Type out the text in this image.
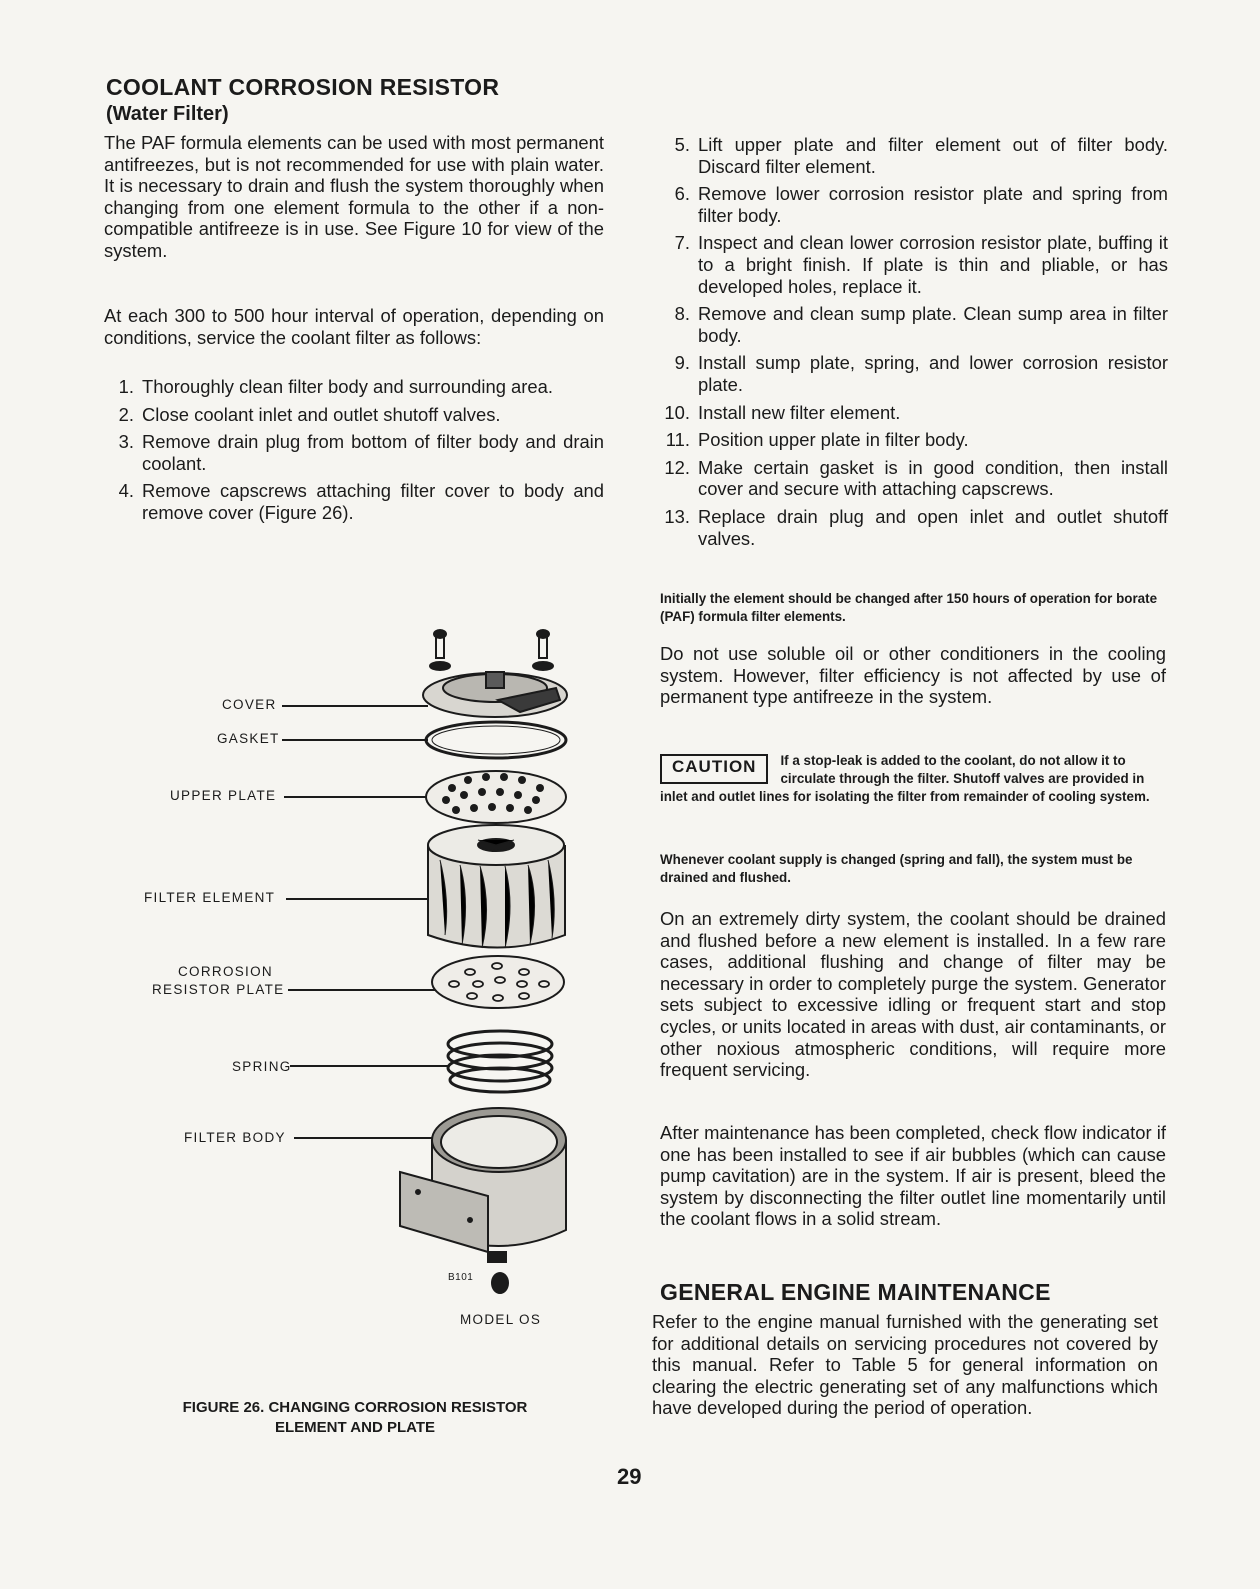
COOLANT CORROSION RESISTOR
(Water Filter)
The PAF formula elements can be used with most permanent antifreezes, but is not recommended for use with plain water. It is necessary to drain and flush the system thoroughly when changing from one element formula to the other if a non-compatible antifreeze is in use. See Figure 10 for view of the system.
At each 300 to 500 hour interval of operation, depending on conditions, service the coolant filter as follows:
1. Thoroughly clean filter body and surrounding area.
2. Close coolant inlet and outlet shutoff valves.
3. Remove drain plug from bottom of filter body and drain coolant.
4. Remove capscrews attaching filter cover to body and remove cover (Figure 26).
COVER
GASKET
UPPER PLATE
FILTER ELEMENT
CORROSION
RESISTOR PLATE
SPRING
FILTER BODY
B101
MODEL OS
FIGURE 26. CHANGING CORROSION RESISTOR
ELEMENT AND PLATE
5. Lift upper plate and filter element out of filter body. Discard filter element.
6. Remove lower corrosion resistor plate and spring from filter body.
7. Inspect and clean lower corrosion resistor plate, buffing it to a bright finish. If plate is thin and pliable, or has developed holes, replace it.
8. Remove and clean sump plate. Clean sump area in filter body.
9. Install sump plate, spring, and lower corrosion resistor plate.
10. Install new filter element.
11. Position upper plate in filter body.
12. Make certain gasket is in good condition, then install cover and secure with attaching capscrews.
13. Replace drain plug and open inlet and outlet shutoff valves.
Initially the element should be changed after 150 hours of operation for borate (PAF) formula filter elements.
Do not use soluble oil or other conditioners in the cooling system. However, filter efficiency is not affected by use of permanent type antifreeze in the system.
CAUTION	If a stop-leak is added to the coolant, do not allow it to circulate through the filter. Shutoff valves are provided in inlet and outlet lines for isolating the filter from remainder of cooling system.
Whenever coolant supply is changed (spring and fall), the system must be drained and flushed.
On an extremely dirty system, the coolant should be drained and flushed before a new element is installed. In a few rare cases, additional flushing and change of filter may be necessary in order to completely purge the system. Generator sets subject to excessive idling or frequent start and stop cycles, or units located in areas with dust, air contaminants, or other noxious atmospheric conditions, will require more frequent servicing.
After maintenance has been completed, check flow indicator if one has been installed to see if air bubbles (which can cause pump cavitation) are in the system. If air is present, bleed the system by disconnecting the filter outlet line momentarily until the coolant flows in a solid stream.
GENERAL ENGINE MAINTENANCE
Refer to the engine manual furnished with the generating set for additional details on servicing procedures not covered by this manual. Refer to Table 5 for general information on clearing the electric generating set of any malfunctions which have developed during the period of operation.
29
